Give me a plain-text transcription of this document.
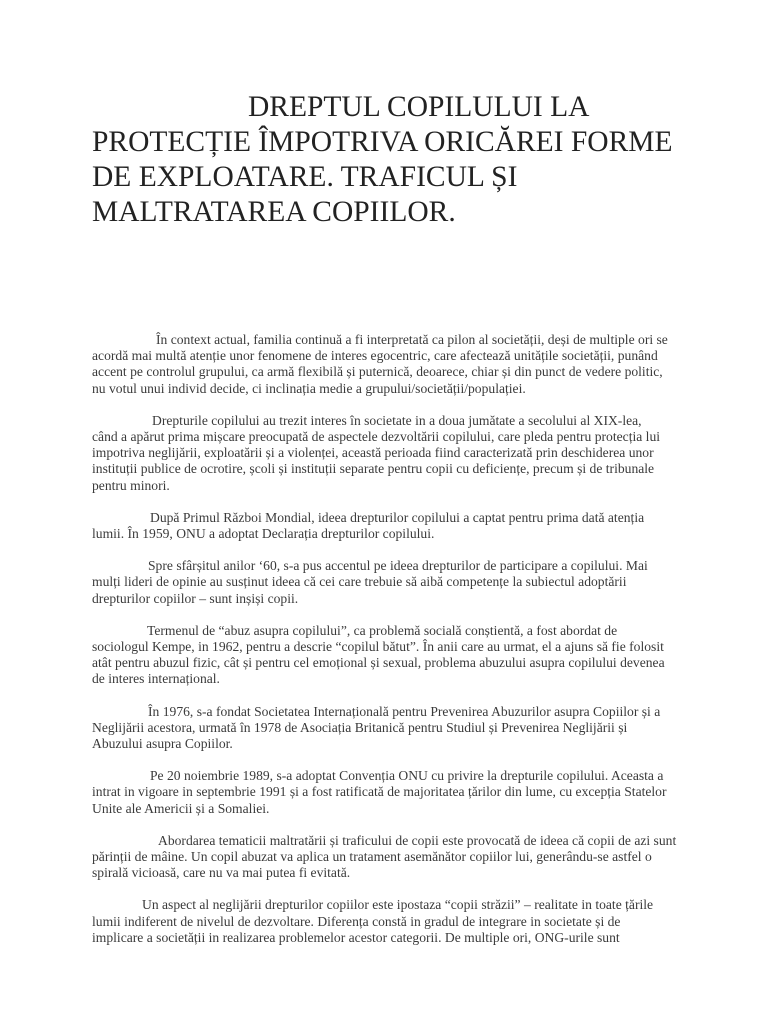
DREPTUL COPILULUI LA
PROTECȚIE ÎMPOTRIVA ORICĂREI FORME
DE EXPLOATARE. TRAFICUL ȘI
MALTRATAREA COPIILOR.

În context actual, familia continuă a fi interpretată ca pilon al societății, deși de multiple ori se
acordă mai multă atenție unor fenomene de interes egocentric, care afectează unitățile societății, punând
accent pe controlul grupului, ca armă flexibilă și puternică, deoarece, chiar și din punct de vedere politic,
nu votul unui individ decide, ci inclinația medie a grupului/societății/populației.

Drepturile copilului au trezit interes în societate in a doua jumătate a secolului al XIX-lea,
când a apărut prima mișcare preocupată de aspectele dezvoltării copilului, care pleda pentru protecția lui
impotriva neglijării, exploatării și a violenței, această perioada fiind caracterizată prin deschiderea unor
instituții publice de ocrotire, școli și instituții separate pentru copii cu deficiențe, precum și de tribunale
pentru minori.

După Primul Război Mondial, ideea drepturilor copilului a captat pentru prima dată atenția
lumii. În 1959, ONU a adoptat Declarația drepturilor copilului.

Spre sfârșitul anilor ‘60, s-a pus accentul pe ideea drepturilor de participare a copilului. Mai
mulți lideri de opinie au susținut ideea că cei care trebuie să aibă competențe la subiectul adoptării
drepturilor copiilor – sunt inșiși copii.

Termenul de “abuz asupra copilului”, ca problemă socială conștientă, a fost abordat de
sociologul Kempe, in 1962, pentru a descrie “copilul bătut”. În anii care au urmat, el a ajuns să fie folosit
atât pentru abuzul fizic, cât și pentru cel emoțional și sexual, problema abuzului asupra copilului devenea
de interes internațional.

În 1976, s-a fondat Societatea Internațională pentru Prevenirea Abuzurilor asupra Copiilor și a
Neglijării acestora, urmată în 1978 de Asociația Britanică pentru Studiul și Prevenirea Neglijării și
Abuzului asupra Copiilor.

Pe 20 noiembrie 1989, s-a adoptat Convenția ONU cu privire la drepturile copilului. Aceasta a
intrat in vigoare in septembrie 1991 și a fost ratificată de majoritatea țărilor din lume, cu excepția Statelor
Unite ale Americii și a Somaliei.

Abordarea tematicii maltratării și traficului de copii este provocată de ideea că copii de azi sunt
părinții de mâine. Un copil abuzat va aplica un tratament asemănător copiilor lui, generându-se astfel o
spirală vicioasă, care nu va mai putea fi evitată.

Un aspect al neglijării drepturilor copiilor este ipostaza “copii străzii” – realitate in toate țările
lumii indiferent de nivelul de dezvoltare. Diferența constă in gradul de integrare in societate și de
implicare a societății in realizarea problemelor acestor categorii. De multiple ori, ONG-urile sunt
